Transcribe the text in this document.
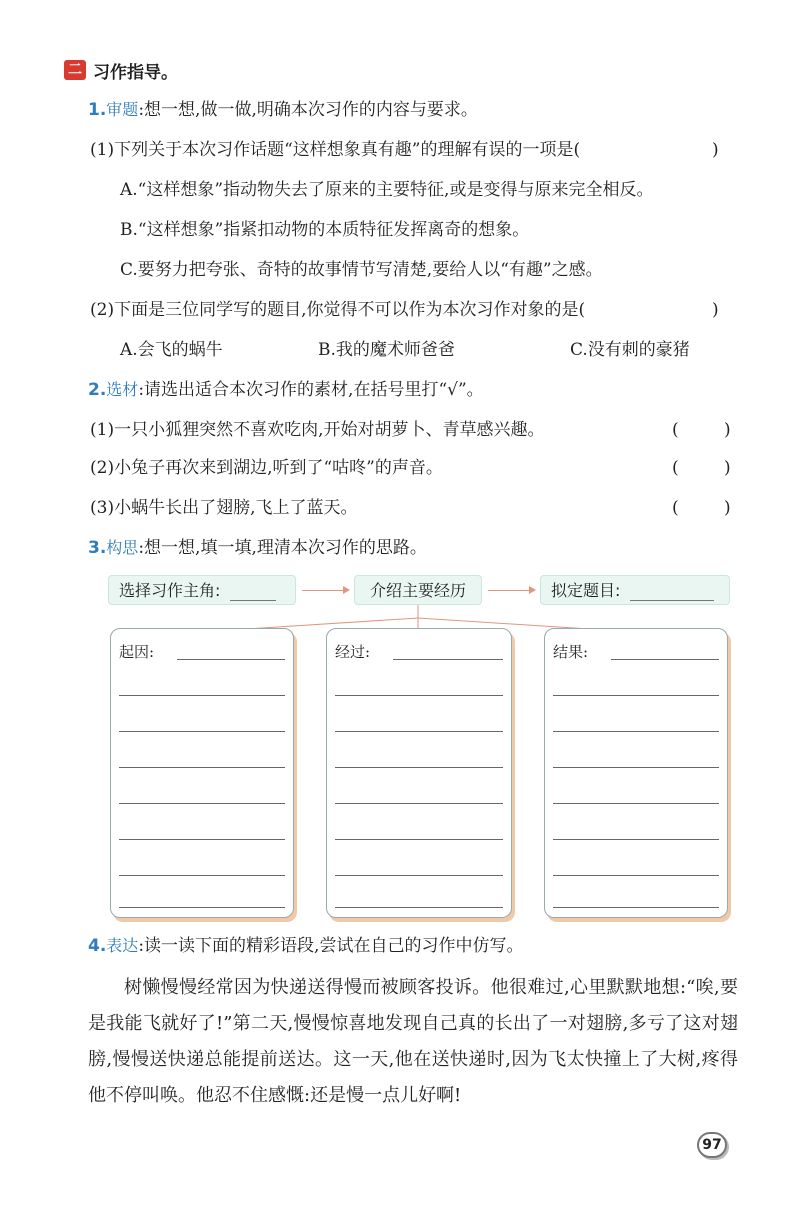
二 习作指导。
1.审题:想一想,做一做,明确本次习作的内容与要求。
(1)下列关于本次习作话题“这样想象真有趣”的理解有误的一项是(	)
A.“这样想象”指动物失去了原来的主要特征,或是变得与原来完全相反。
B.“这样想象”指紧扣动物的本质特征发挥离奇的想象。
C.要努力把夸张、奇特的故事情节写清楚,要给人以“有趣”之感。
(2)下面是三位同学写的题目,你觉得不可以作为本次习作对象的是(	)
A.会飞的蜗牛	B.我的魔术师爸爸	C.没有刺的豪猪
2.选材:请选出适合本次习作的素材,在括号里打“√”。
(1)一只小狐狸突然不喜欢吃肉,开始对胡萝卜、青草感兴趣。	(	)
(2)小兔子再次来到湖边,听到了“咕咚”的声音。	(	)
(3)小蜗牛长出了翅膀,飞上了蓝天。	(	)
3.构思:想一想,填一填,理清本次习作的思路。
选择习作主角:	介绍主要经历	拟定题目:
起因:	经过:	结果:
4.表达:读一读下面的精彩语段,尝试在自己的习作中仿写。
树懒慢慢经常因为快递送得慢而被顾客投诉。他很难过,心里默默地想:“唉,要是我能飞就好了!”第二天,慢慢惊喜地发现自己真的长出了一对翅膀,多亏了这对翅膀,慢慢送快递总能提前送达。这一天,他在送快递时,因为飞太快撞上了大树,疼得他不停叫唤。他忍不住感慨:还是慢一点儿好啊!
97
